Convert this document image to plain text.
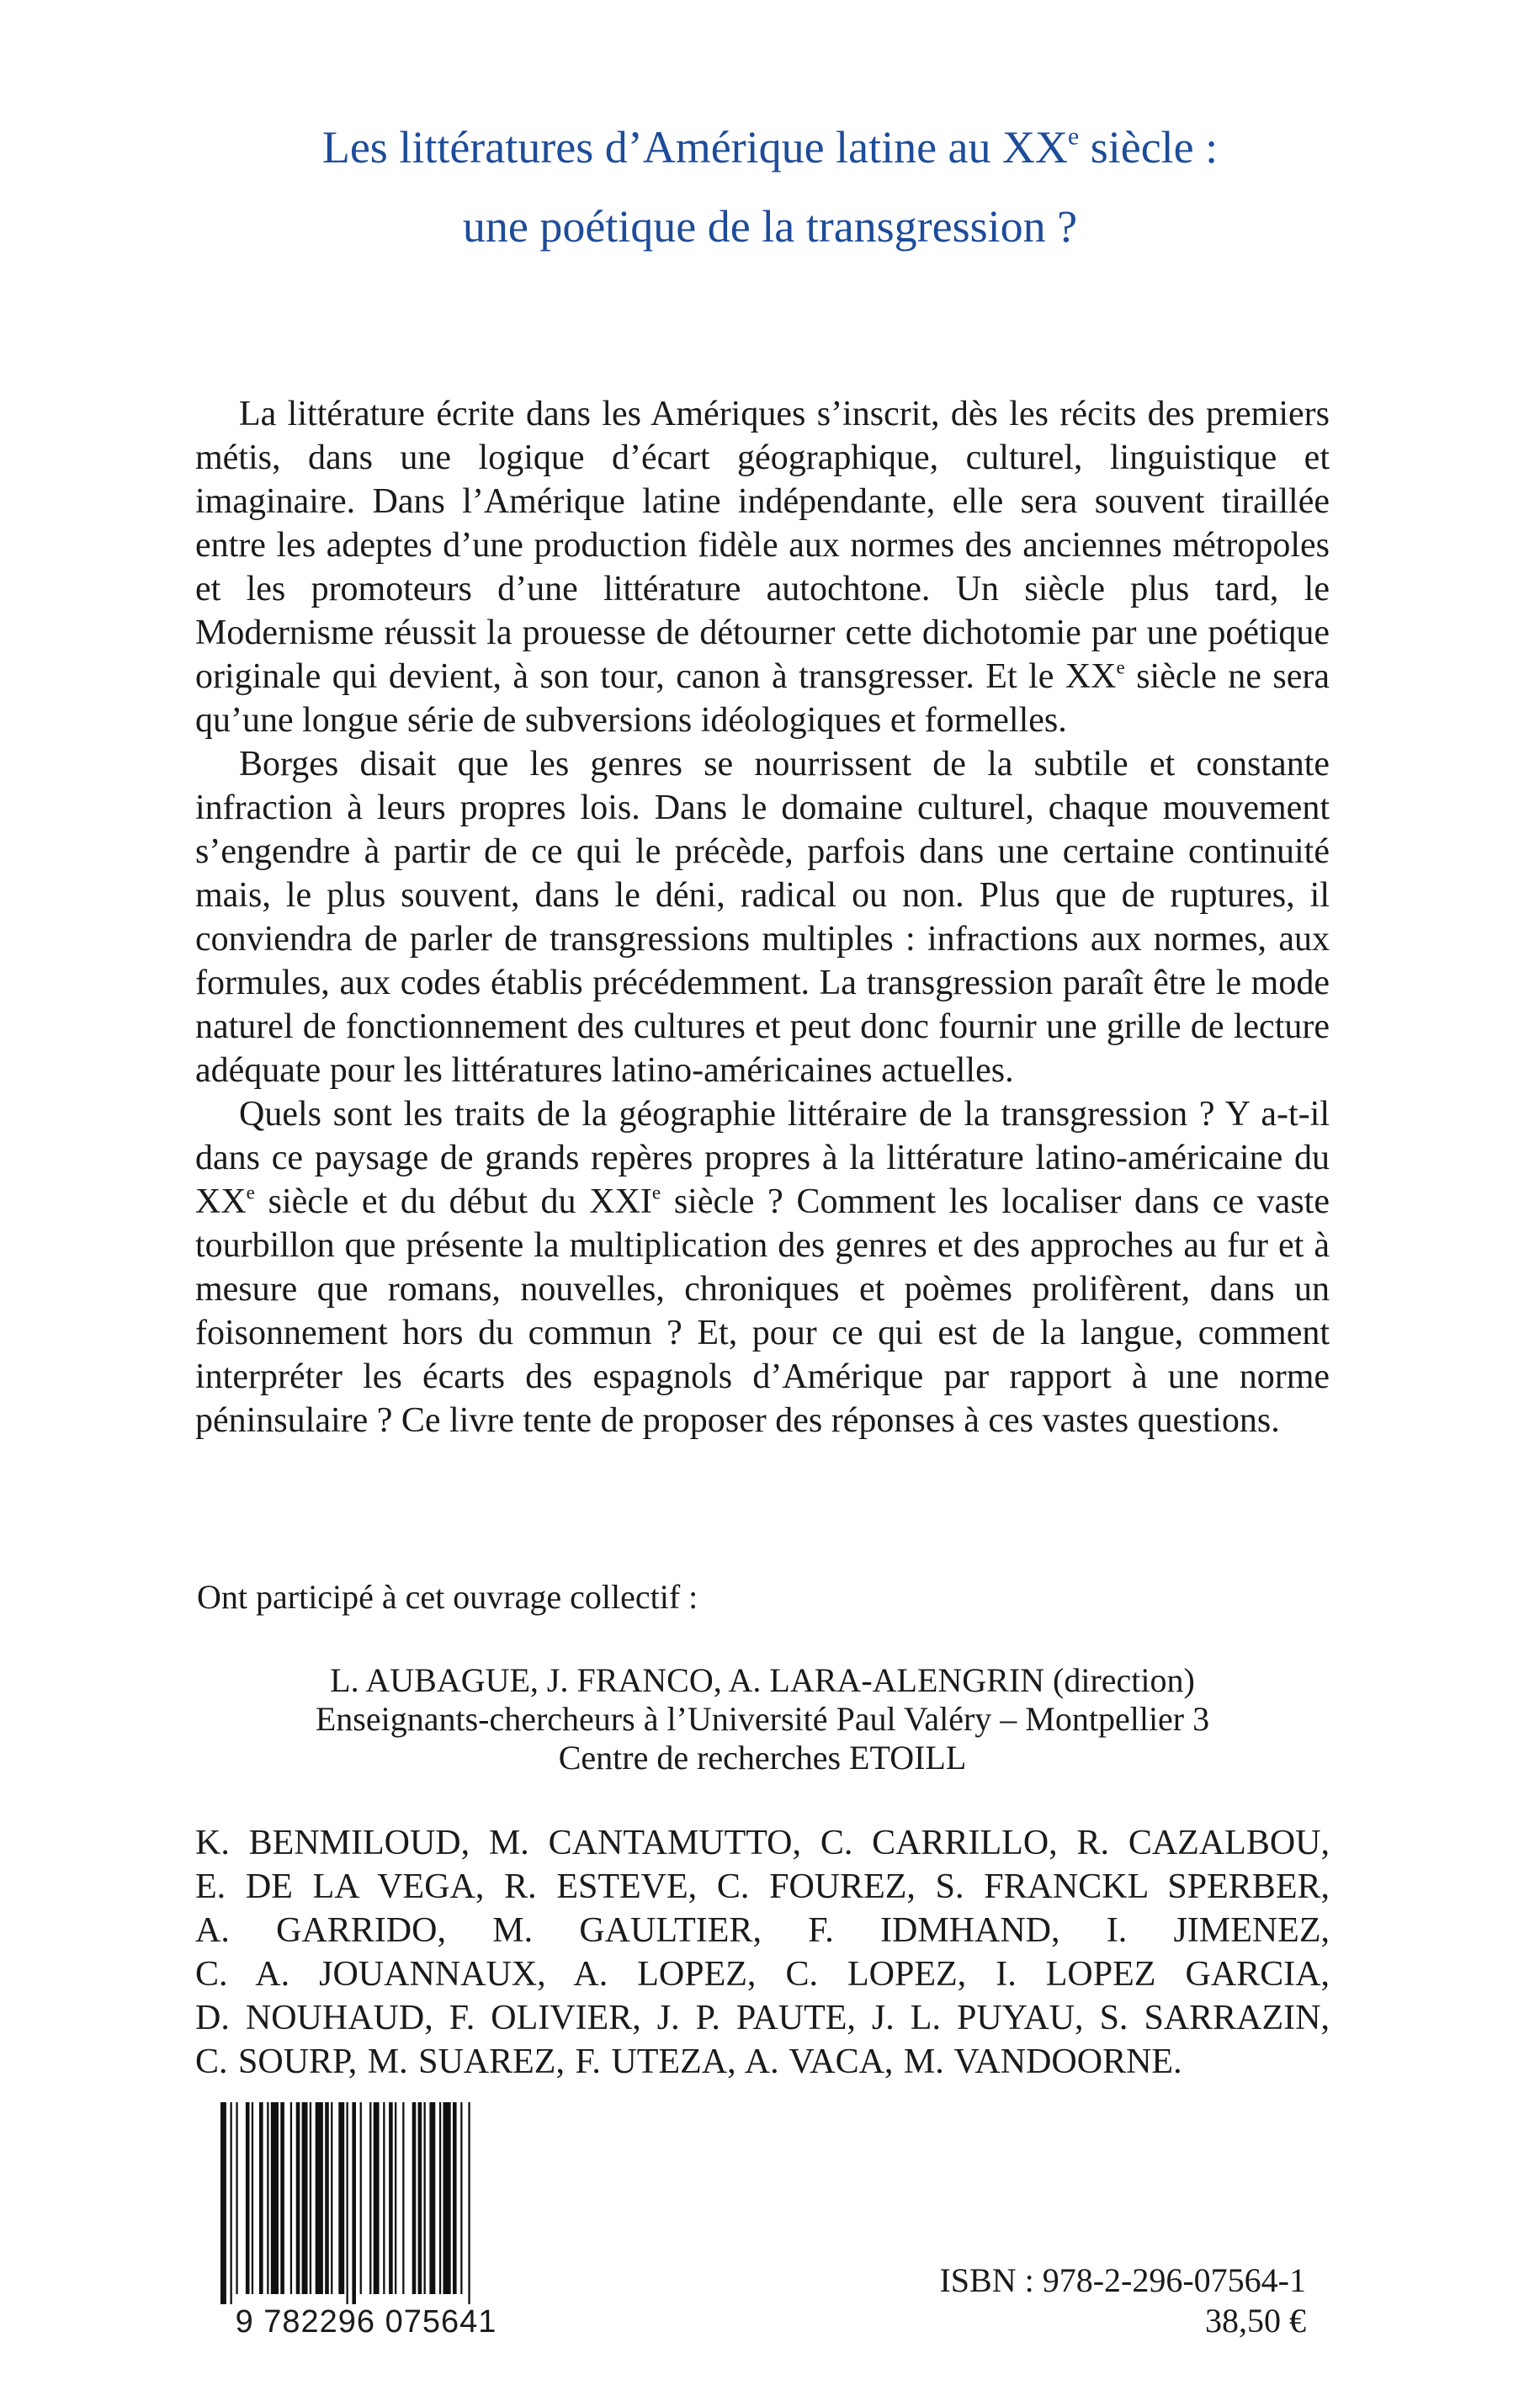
Les littératures d’Amérique latine au XXe siècle :
une poétique de la transgression ?

La littérature écrite dans les Amériques s’inscrit, dès les récits des premiers métis, dans une logique d’écart géographique, culturel, linguistique et imaginaire. Dans l’Amérique latine indépendante, elle sera souvent tiraillée entre les adeptes d’une production fidèle aux normes des anciennes métropoles et les promoteurs d’une littérature autochtone. Un siècle plus tard, le Modernisme réussit la prouesse de détourner cette dichotomie par une poétique originale qui devient, à son tour, canon à transgresser. Et le XXe siècle ne sera qu’une longue série de subversions idéologiques et formelles.

Borges disait que les genres se nourrissent de la subtile et constante infraction à leurs propres lois. Dans le domaine culturel, chaque mouvement s’engendre à partir de ce qui le précède, parfois dans une certaine continuité mais, le plus souvent, dans le déni, radical ou non. Plus que de ruptures, il conviendra de parler de transgressions multiples : infractions aux normes, aux formules, aux codes établis précédemment. La transgression paraît être le mode naturel de fonctionnement des cultures et peut donc fournir une grille de lecture adéquate pour les littératures latino-américaines actuelles.

Quels sont les traits de la géographie littéraire de la transgression ? Y a-t-il dans ce paysage de grands repères propres à la littérature latino-américaine du XXe siècle et du début du XXIe siècle ? Comment les localiser dans ce vaste tourbillon que présente la multiplication des genres et des approches au fur et à mesure que romans, nouvelles, chroniques et poèmes prolifèrent, dans un foisonnement hors du commun ? Et, pour ce qui est de la langue, comment interpréter les écarts des espagnols d’Amérique par rapport à une norme péninsulaire ? Ce livre tente de proposer des réponses à ces vastes questions.

Ont participé à cet ouvrage collectif :
L. AUBAGUE, J. FRANCO, A. LARA-ALENGRIN (direction)
Enseignants-chercheurs à l’Université Paul Valéry – Montpellier 3
Centre de recherches ETOILL
K. BENMILOUD, M. CANTAMUTTO, C. CARRILLO, R. CAZALBOU,
E. DE LA VEGA, R. ESTEVE, C. FOUREZ, S. FRANCKL SPERBER,
A. GARRIDO, M. GAULTIER, F. IDMHAND, I. JIMENEZ,
C. A. JOUANNAUX, A. LOPEZ, C. LOPEZ, I. LOPEZ GARCIA,
D. NOUHAUD, F. OLIVIER, J. P. PAUTE, J. L. PUYAU, S. SARRAZIN,
C. SOURP, M. SUAREZ, F. UTEZA, A. VACA, M. VANDOORNE.
9 782296 075641
ISBN : 978-2-296-07564-1
38,50 €
